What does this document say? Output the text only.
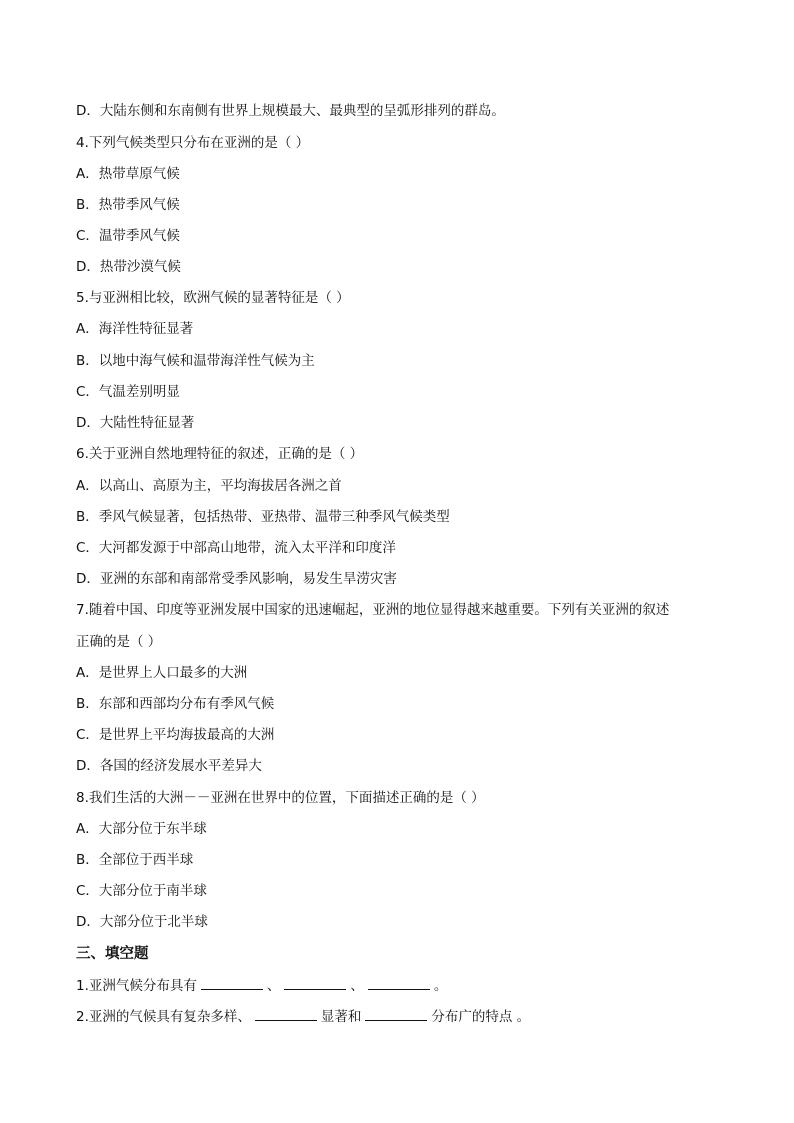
D．大陆东侧和东南侧有世界上规模最大、最典型的呈弧形排列的群岛。
4.下列气候类型只分布在亚洲的是（ ）
A．热带草原气候
B．热带季风气候
C．温带季风气候
D．热带沙漠气候
5.与亚洲相比较，欧洲气候的显著特征是（ ）
A．海洋性特征显著
B．以地中海气候和温带海洋性气候为主
C．气温差别明显
D．大陆性特征显著
6.关于亚洲自然地理特征的叙述，正确的是（ ）
A．以高山、高原为主，平均海拔居各洲之首
B．季风气候显著，包括热带、亚热带、温带三种季风气候类型
C．大河都发源于中部高山地带，流入太平洋和印度洋
D．亚洲的东部和南部常受季风影响，易发生旱涝灾害
7.随着中国、印度等亚洲发展中国家的迅速崛起，亚洲的地位显得越来越重要。下列有关亚洲的叙述
正确的是（ ）
A．是世界上人口最多的大洲
B．东部和西部均分布有季风气候
C．是世界上平均海拔最高的大洲
D．各国的经济发展水平差异大
8.我们生活的大洲－－亚洲在世界中的位置，下面描述正确的是（ ）
A．大部分位于东半球
B．全部位于西半球
C．大部分位于南半球
D．大部分位于北半球
三、填空题
1.亚洲气候分布具有	、	、	。
2.亚洲的气候具有复杂多样、	显著和	分布广的特点 。
